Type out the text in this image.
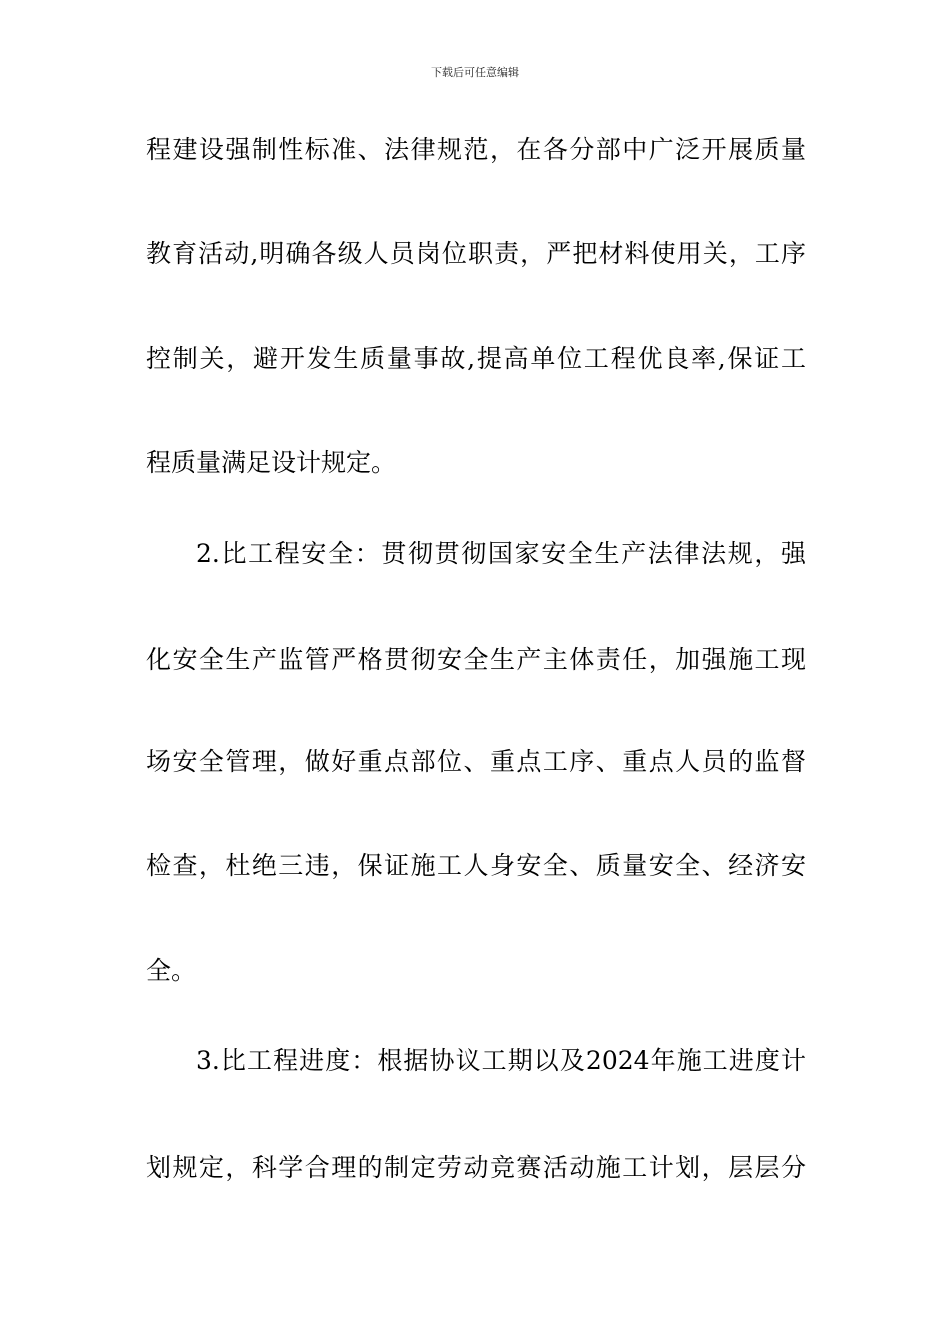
下载后可任意编辑
程建设强制性标准、法律规范，在各分部中广泛开展质量
教育活动,明确各级人员岗位职责，严把材料使用关，工序
控制关，避开发生质量事故,提高单位工程优良率,保证工
程质量满足设计规定。
2.比工程安全：贯彻贯彻国家安全生产法律法规，强
化安全生产监管严格贯彻安全生产主体责任，加强施工现
场安全管理，做好重点部位、重点工序、重点人员的监督
检查，杜绝三违，保证施工人身安全、质量安全、经济安
全。
3.比工程进度：根据协议工期以及2024年施工进度计
划规定，科学合理的制定劳动竞赛活动施工计划，层层分
